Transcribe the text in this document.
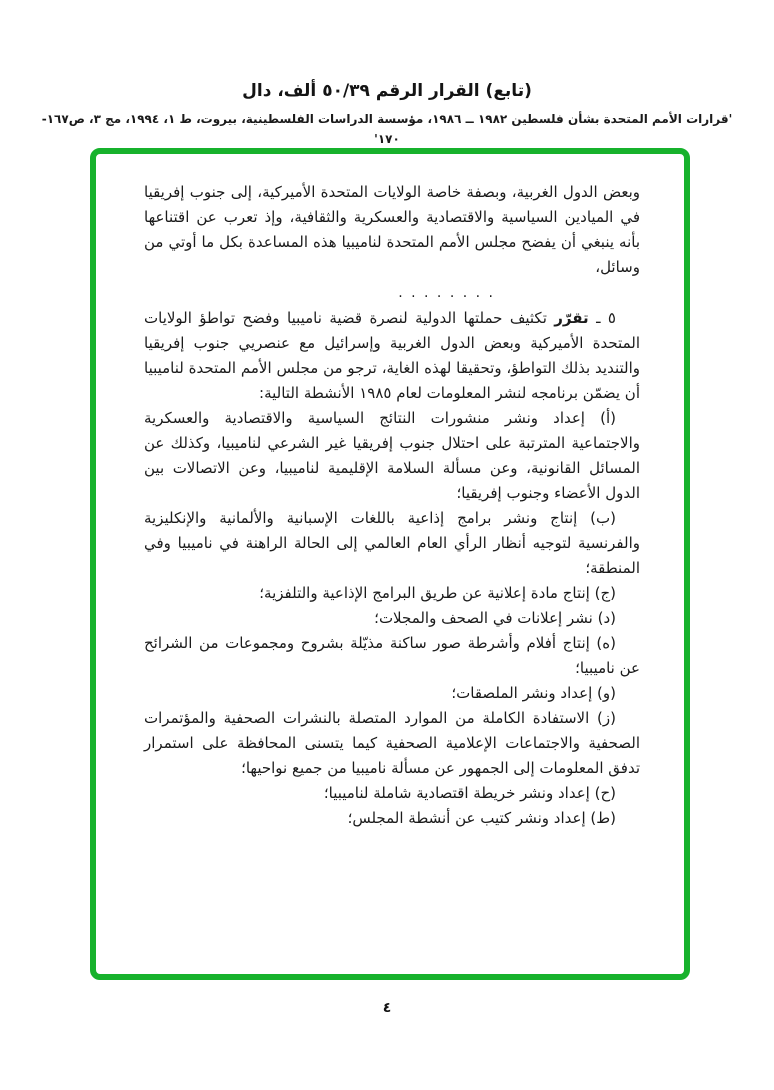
(تابع) القرار الرقم ٥٠/٣٩ ألف، دال
'قرارات الأمم المتحدة بشأن فلسطين ١٩٨٢ ــ ١٩٨٦، مؤسسة الدراسات الفلسطينية، بيروت، ط ١، ١٩٩٤، مج ٣، ص١٦٧- ١٧٠'

وبعض الدول الغربية، وبصفة خاصة الولايات المتحدة الأميركية، إلى جنوب إفريقيا في الميادين السياسية والاقتصادية والعسكرية والثقافية، وإذ تعرب عن اقتناعها بأنه ينبغي أن يفضح مجلس الأمم المتحدة لناميبيا هذه المساعدة بكل ما أوتي من وسائل،

. . . . . . . .

٥ ـ تقرّر تكثيف حملتها الدولية لنصرة قضية ناميبيا وفضح تواطؤ الولايات المتحدة الأميركية وبعض الدول الغربية وإسرائيل مع عنصريي جنوب إفريقيا والتنديد بذلك التواطؤ، وتحقيقا لهذه الغاية، ترجو من مجلس الأمم المتحدة لناميبيا أن يضمّن برنامجه لنشر المعلومات لعام ١٩٨٥ الأنشطة التالية:

(أ) إعداد ونشر منشورات النتائج السياسية والاقتصادية والعسكرية والاجتماعية المترتبة على احتلال جنوب إفريقيا غير الشرعي لناميبيا، وكذلك عن المسائل القانونية، وعن مسألة السلامة الإقليمية لناميبيا، وعن الاتصالات بين الدول الأعضاء وجنوب إفريقيا؛

(ب) إنتاج ونشر برامج إذاعية باللغات الإسبانية والألمانية والإنكليزية والفرنسية لتوجيه أنظار الرأي العام العالمي إلى الحالة الراهنة في ناميبيا وفي المنطقة؛

(ج) إنتاج مادة إعلانية عن طريق البرامج الإذاعية والتلفزية؛

(د) نشر إعلانات في الصحف والمجلات؛

(ه) إنتاج أفلام وأشرطة صور ساكنة مذيّلة بشروح ومجموعات من الشرائح عن ناميبيا؛

(و) إعداد ونشر الملصقات؛

(ز) الاستفادة الكاملة من الموارد المتصلة بالنشرات الصحفية والمؤتمرات الصحفية والاجتماعات الإعلامية الصحفية كيما يتسنى المحافظة على استمرار تدفق المعلومات إلى الجمهور عن مسألة ناميبيا من جميع نواحيها؛

(ح) إعداد ونشر خريطة اقتصادية شاملة لناميبيا؛

(ط) إعداد ونشر كتيب عن أنشطة المجلس؛

٤
